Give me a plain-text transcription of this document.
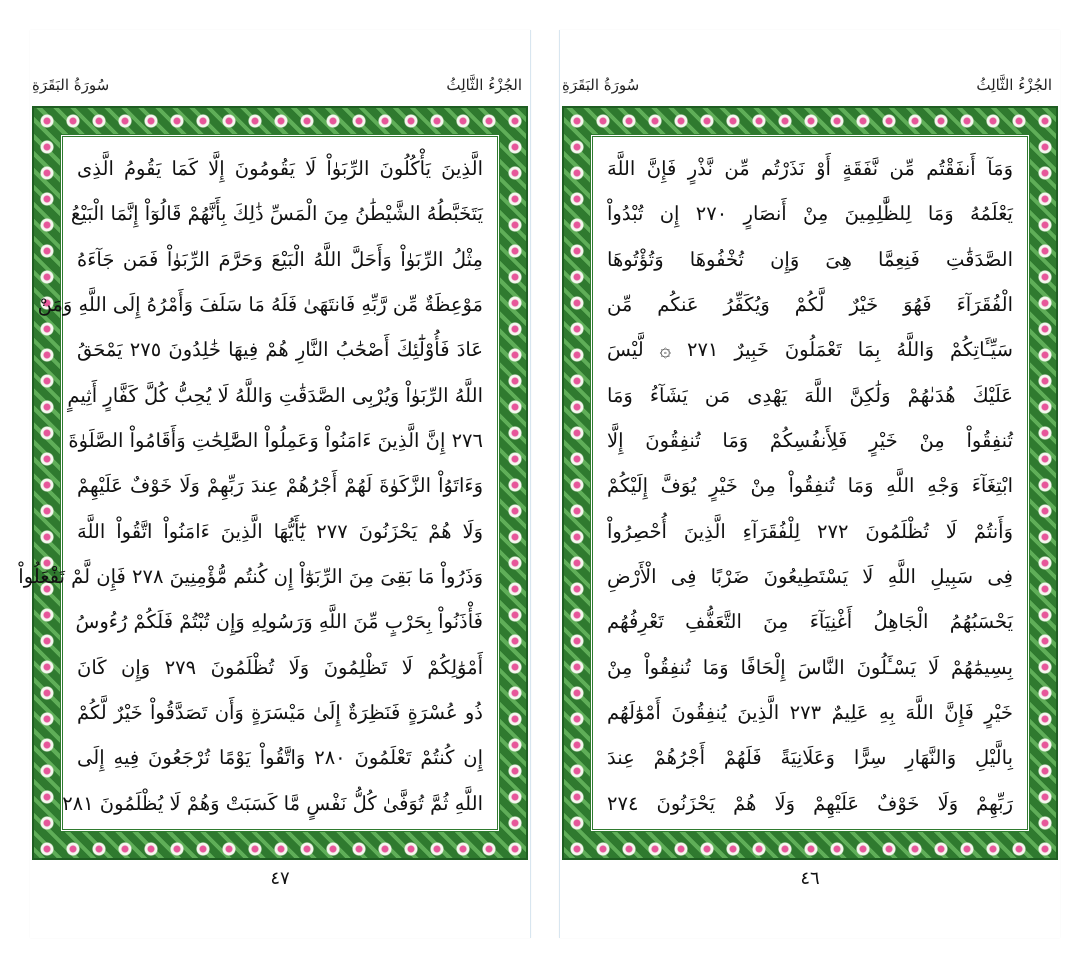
الجُزْءُ الثَّالِثُ
سُورَةُ البَقَرَةِ
الَّذِينَ يَأْكُلُونَ الرِّبَوٰاْ لَا يَقُومُونَ إِلَّا كَمَا يَقُومُ الَّذِى
يَتَخَبَّطُهُ الشَّيْطَٰنُ مِنَ الْمَسِّ ذَٰلِكَ بِأَنَّهُمْ قَالُوٓاْ إِنَّمَا الْبَيْعُ
مِثْلُ الرِّبَوٰاْ وَأَحَلَّ اللَّهُ الْبَيْعَ وَحَرَّمَ الرِّبَوٰاْ فَمَن جَآءَهُ
مَوْعِظَةٌ مِّن رَّبِّهِ فَانتَهَىٰ فَلَهُ مَا سَلَفَ وَأَمْرُهُ إِلَى اللَّهِ وَمَنْ
عَادَ فَأُوْلَٰٓئِكَ أَصْحَٰبُ النَّارِ هُمْ فِيهَا خَٰلِدُونَ ٢٧٥ يَمْحَقُ
اللَّهُ الرِّبَوٰاْ وَيُرْبِى الصَّدَقَٰتِ وَاللَّهُ لَا يُحِبُّ كُلَّ كَفَّارٍ أَثِيمٍ
٢٧٦ إِنَّ الَّذِينَ ءَامَنُواْ وَعَمِلُواْ الصَّٰلِحَٰتِ وَأَقَامُواْ الصَّلَوٰةَ
وَءَاتَوُاْ الزَّكَوٰةَ لَهُمْ أَجْرُهُمْ عِندَ رَبِّهِمْ وَلَا خَوْفٌ عَلَيْهِمْ
وَلَا هُمْ يَحْزَنُونَ ٢٧٧ يَٰٓأَيُّهَا الَّذِينَ ءَامَنُواْ اتَّقُواْ اللَّهَ
وَذَرُواْ مَا بَقِىَ مِنَ الرِّبَوٰٓاْ إِن كُنتُم مُّؤْمِنِينَ ٢٧٨ فَإِن لَّمْ تَفْعَلُواْ
فَأْذَنُواْ بِحَرْبٍ مِّنَ اللَّهِ وَرَسُولِهِ وَإِن تُبْتُمْ فَلَكُمْ رُءُوسُ
أَمْوَٰلِكُمْ لَا تَظْلِمُونَ وَلَا تُظْلَمُونَ ٢٧٩ وَإِن كَانَ
ذُو عُسْرَةٍ فَنَظِرَةٌ إِلَىٰ مَيْسَرَةٍ وَأَن تَصَدَّقُواْ خَيْرٌ لَّكُمْ
إِن كُنتُمْ تَعْلَمُونَ ٢٨٠ وَاتَّقُواْ يَوْمًا تُرْجَعُونَ فِيهِ إِلَى
اللَّهِ ثُمَّ تُوَفَّىٰ كُلُّ نَفْسٍ مَّا كَسَبَتْ وَهُمْ لَا يُظْلَمُونَ ٢٨١
٤٧
الجُزْءُ الثَّالِثُ
سُورَةُ البَقَرَةِ
وَمَآ أَنفَقْتُم مِّن نَّفَقَةٍ أَوْ نَذَرْتُم مِّن نَّذْرٍ فَإِنَّ اللَّهَ
يَعْلَمُهُ وَمَا لِلظَّٰلِمِينَ مِنْ أَنصَارٍ ٢٧٠ إِن تُبْدُواْ
الصَّدَقَٰتِ فَنِعِمَّا هِىَ وَإِن تُخْفُوهَا وَتُؤْتُوهَا
الْفُقَرَآءَ فَهُوَ خَيْرٌ لَّكُمْ وَيُكَفِّرُ عَنكُم مِّن
سَيِّـَٔاتِكُمْ وَاللَّهُ بِمَا تَعْمَلُونَ خَبِيرٌ ٢٧١ ۞ لَّيْسَ
عَلَيْكَ هُدَىٰهُمْ وَلَٰكِنَّ اللَّهَ يَهْدِى مَن يَشَآءُ وَمَا
تُنفِقُواْ مِنْ خَيْرٍ فَلِأَنفُسِكُمْ وَمَا تُنفِقُونَ إِلَّا
ابْتِغَآءَ وَجْهِ اللَّهِ وَمَا تُنفِقُواْ مِنْ خَيْرٍ يُوَفَّ إِلَيْكُمْ
وَأَنتُمْ لَا تُظْلَمُونَ ٢٧٢ لِلْفُقَرَآءِ الَّذِينَ أُحْصِرُواْ
فِى سَبِيلِ اللَّهِ لَا يَسْتَطِيعُونَ ضَرْبًا فِى الْأَرْضِ
يَحْسَبُهُمُ الْجَاهِلُ أَغْنِيَآءَ مِنَ التَّعَفُّفِ تَعْرِفُهُم
بِسِيمَٰهُمْ لَا يَسْـَٔلُونَ النَّاسَ إِلْحَافًا وَمَا تُنفِقُواْ مِنْ
خَيْرٍ فَإِنَّ اللَّهَ بِهِ عَلِيمٌ ٢٧٣ الَّذِينَ يُنفِقُونَ أَمْوَٰلَهُم
بِالَّيْلِ وَالنَّهَارِ سِرًّا وَعَلَانِيَةً فَلَهُمْ أَجْرُهُمْ عِندَ
رَبِّهِمْ وَلَا خَوْفٌ عَلَيْهِمْ وَلَا هُمْ يَحْزَنُونَ ٢٧٤
٤٦
